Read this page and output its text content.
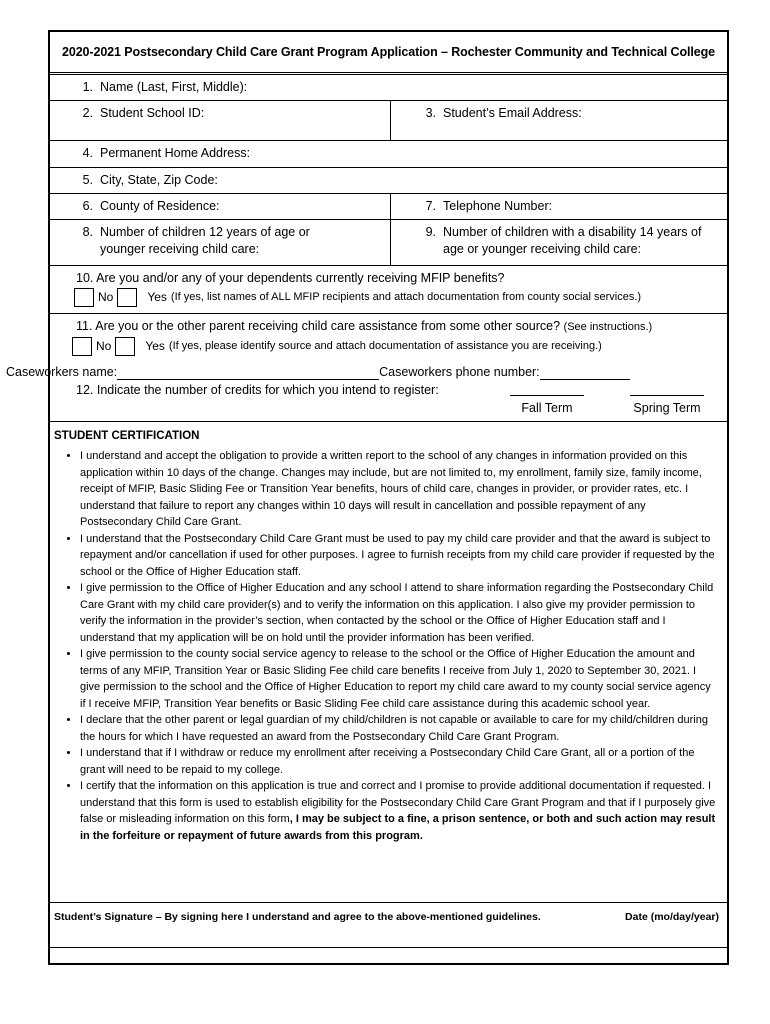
2020-2021 Postsecondary Child Care Grant Program Application – Rochester Community and Technical College
1. Name (Last, First, Middle):
2. Student School ID:	3. Student’s Email Address:
4. Permanent Home Address:
5. City, State, Zip Code:
6. County of Residence:	7. Telephone Number:
8. Number of children 12 years of age or younger receiving child care:
9. Number of children with a disability 14 years of age or younger receiving child care:
10. Are you and/or any of your dependents currently receiving MFIP benefits?
No	Yes (If yes, list names of ALL MFIP recipients and attach documentation from county social services.)
11. Are you or the other parent receiving child care assistance from some other source? (See instructions.)
No	Yes (If yes, please identify source and attach documentation of assistance you are receiving.)
Caseworkers name:	Caseworkers phone number:
12. Indicate the number of credits for which you intend to register:
Fall Term	Spring Term
STUDENT CERTIFICATION
• I understand and accept the obligation to provide a written report to the school of any changes in information provided on this application within 10 days of the change. Changes may include, but are not limited to, my enrollment, family size, family income, receipt of MFIP, Basic Sliding Fee or Transition Year benefits, hours of child care, changes in provider, or provider rates, etc. I understand that failure to report any changes within 10 days will result in cancellation and possible repayment of any Postsecondary Child Care Grant.
• I understand that the Postsecondary Child Care Grant must be used to pay my child care provider and that the award is subject to repayment and/or cancellation if used for other purposes. I agree to furnish receipts from my child care provider if requested by the school or the Office of Higher Education staff.
• I give permission to the Office of Higher Education and any school I attend to share information regarding the Postsecondary Child Care Grant with my child care provider(s) and to verify the information on this application. I also give my provider permission to verify the information in the provider’s section, when contacted by the school or the Office of Higher Education staff and I understand that my application will be on hold until the provider information has been verified.
• I give permission to the county social service agency to release to the school or the Office of Higher Education the amount and terms of any MFIP, Transition Year or Basic Sliding Fee child care benefits I receive from July 1, 2020 to September 30, 2021. I give permission to the school and the Office of Higher Education to report my child care award to my county social service agency if I receive MFIP, Transition Year benefits or Basic Sliding Fee child care assistance during this academic school year.
• I declare that the other parent or legal guardian of my child/children is not capable or available to care for my child/children during the hours for which I have requested an award from the Postsecondary Child Care Grant Program.
• I understand that if I withdraw or reduce my enrollment after receiving a Postsecondary Child Care Grant, all or a portion of the grant will need to be repaid to my college.
• I certify that the information on this application is true and correct and I promise to provide additional documentation if requested. I understand that this form is used to establish eligibility for the Postsecondary Child Care Grant Program and that if I purposely give false or misleading information on this form, I may be subject to a fine, a prison sentence, or both and such action may result in the forfeiture or repayment of future awards from this program.
Student’s Signature – By signing here I understand and agree to the above-mentioned guidelines.	Date (mo/day/year)
